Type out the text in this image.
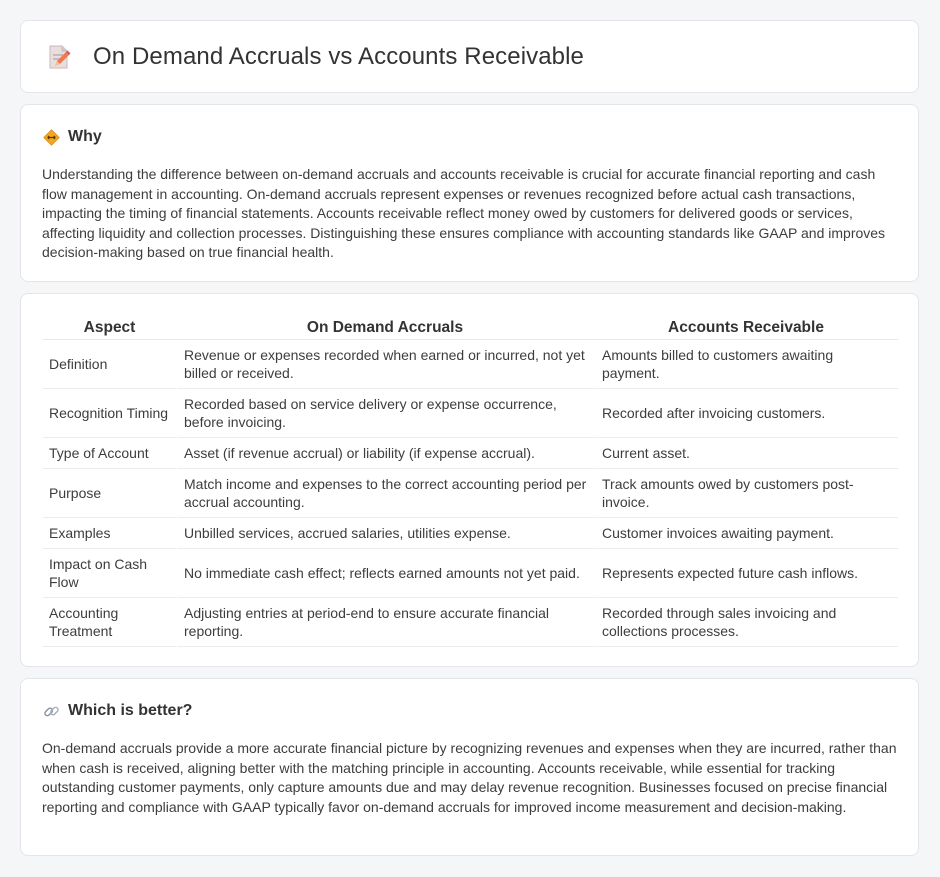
On Demand Accruals vs Accounts Receivable
Why

Understanding the difference between on-demand accruals and accounts receivable is crucial for accurate financial reporting and cash flow management in accounting. On-demand accruals represent expenses or revenues recognized before actual cash transactions, impacting the timing of financial statements. Accounts receivable reflect money owed by customers for delivered goods or services, affecting liquidity and collection processes. Distinguishing these ensures compliance with accounting standards like GAAP and improves decision-making based on true financial health.

Aspect	On Demand Accruals	Accounts Receivable
Definition	Revenue or expenses recorded when earned or incurred, not yet billed or received.	Amounts billed to customers awaiting payment.
Recognition Timing	Recorded based on service delivery or expense occurrence, before invoicing.	Recorded after invoicing customers.
Type of Account	Asset (if revenue accrual) or liability (if expense accrual).	Current asset.
Purpose	Match income and expenses to the correct accounting period per accrual accounting.	Track amounts owed by customers post-invoice.
Examples	Unbilled services, accrued salaries, utilities expense.	Customer invoices awaiting payment.
Impact on Cash Flow	No immediate cash effect; reflects earned amounts not yet paid.	Represents expected future cash inflows.
Accounting Treatment	Adjusting entries at period-end to ensure accurate financial reporting.	Recorded through sales invoicing and collections processes.
Which is better?

On-demand accruals provide a more accurate financial picture by recognizing revenues and expenses when they are incurred, rather than when cash is received, aligning better with the matching principle in accounting. Accounts receivable, while essential for tracking outstanding customer payments, only capture amounts due and may delay revenue recognition. Businesses focused on precise financial reporting and compliance with GAAP typically favor on-demand accruals for improved income measurement and decision-making.
